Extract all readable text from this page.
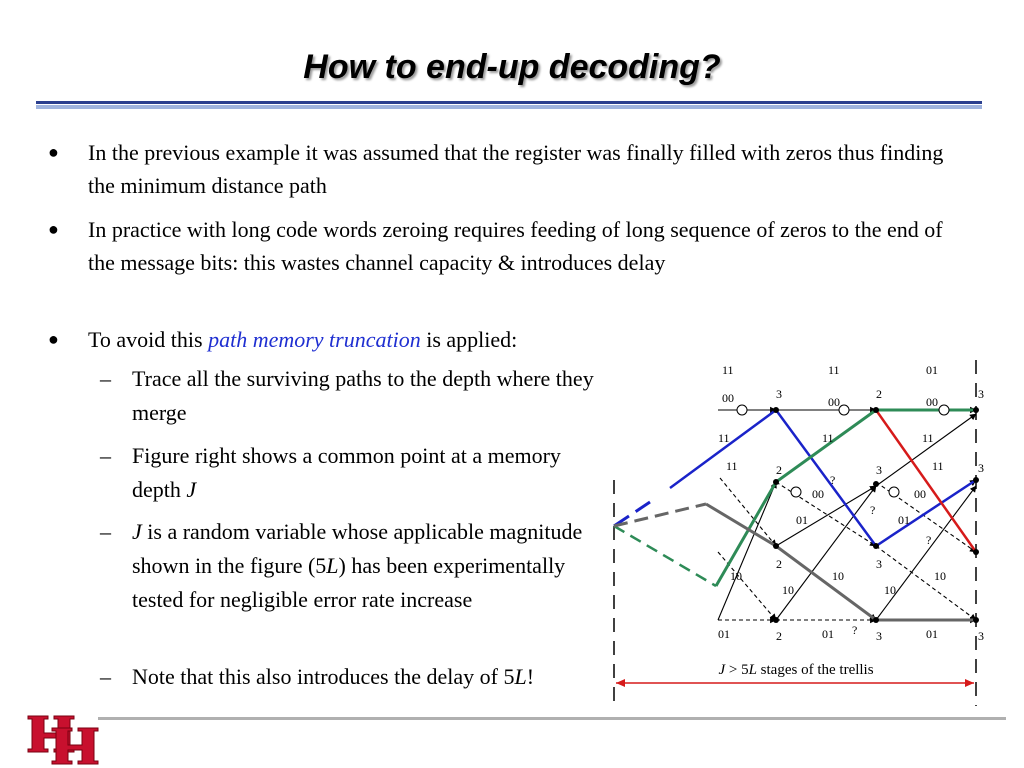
How to end-up decoding?
● In the previous example it was assumed that the register was finally filled with zeros thus finding the minimum distance path
● In practice with long code words zeroing requires feeding of long sequence of zeros to the end of the message bits: this wastes channel capacity & introduces delay
● To avoid this path memory truncation is applied:
– Trace all the surviving paths to the depth where they merge
– Figure right shows a common point at a memory depth J
– J is a random variable whose applicable magnitude shown in the figure (5L) has been experimentally tested for negligible error rate increase
– Note that this also introduces the delay of 5L!
11	11	01
00	3
00
2
00
3
11	11	11
11	2	3	11	3
?
00	00
?
01	01
2	3
?
10	10	10
10	10
01	2	01 ? 3	01	3
J > 5L stages of the trellis
